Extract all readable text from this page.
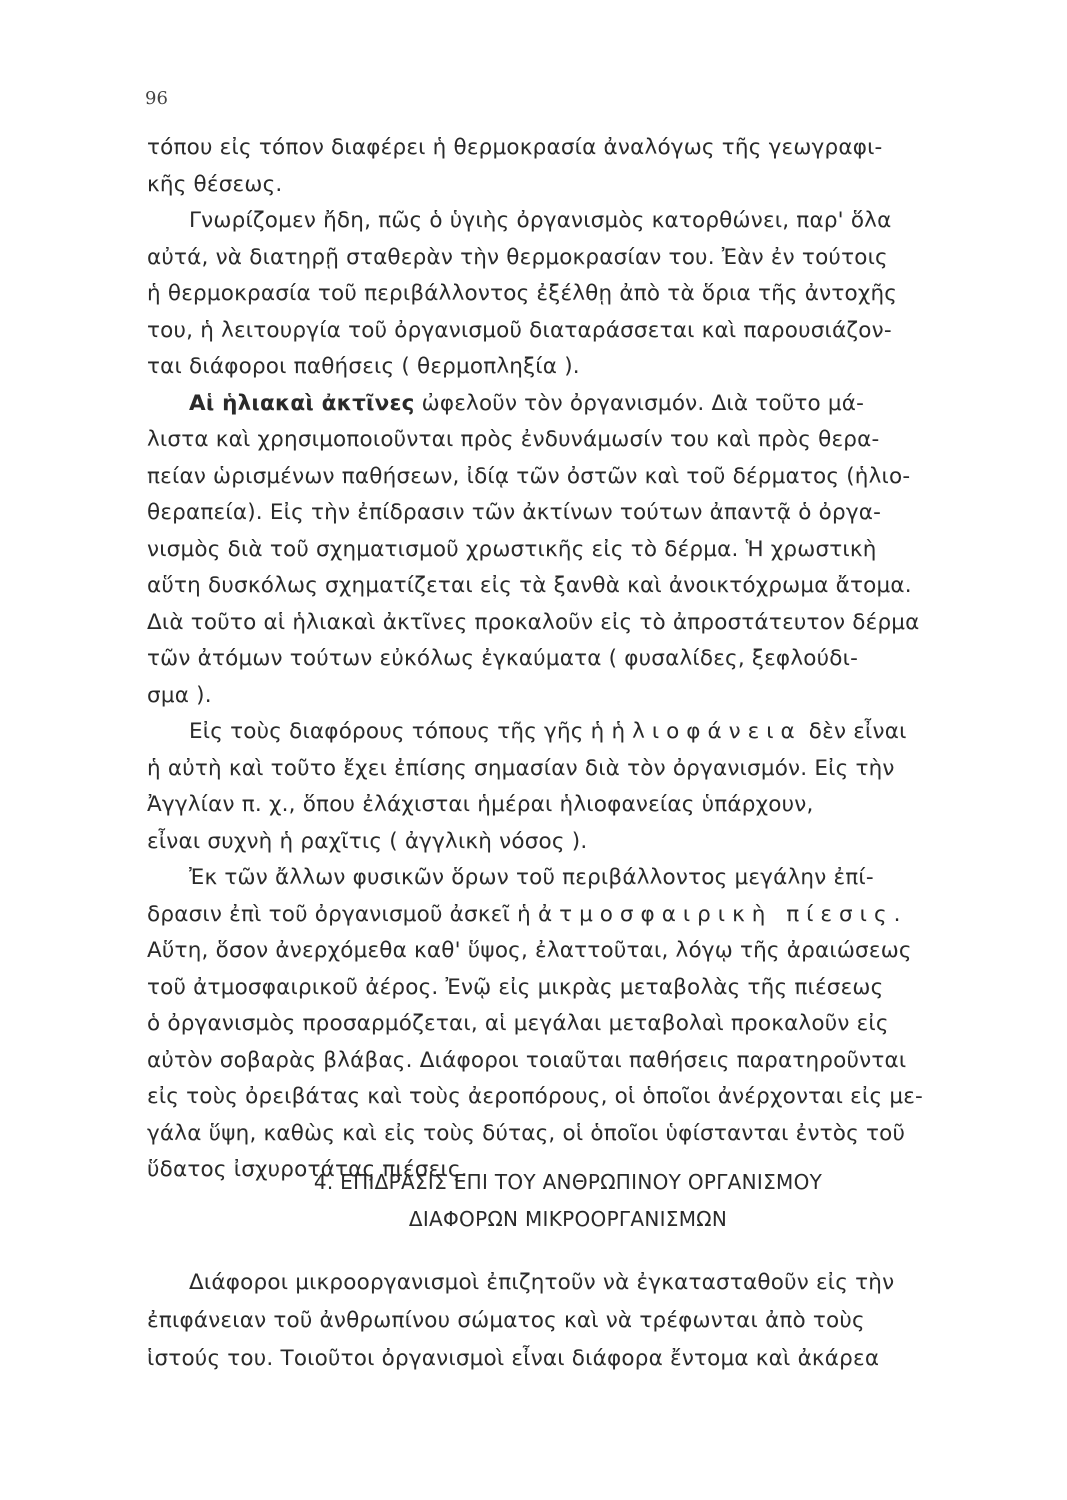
96
τόπου εἰς τόπον διαφέρει ἡ θερμοκρασία ἀναλόγως τῆς γεωγραφι-
κῆς θέσεως.
Γνωρίζομεν ἤδη, πῶς ὁ ὑγιὴς ὀργανισμὸς κατορθώνει, παρ' ὅλα
αὐτά, νὰ διατηρῇ σταθερὰν τὴν θερμοκρασίαν του. Ἐὰν ἐν τούτοις
ἡ θερμοκρασία τοῦ περιβάλλοντος ἐξέλθῃ ἀπὸ τὰ ὅρια τῆς ἀντοχῆς
του, ἡ λειτουργία τοῦ ὀργανισμοῦ διαταράσσεται καὶ παρουσιάζον-
ται διάφοροι παθήσεις ( θερμοπληξία ).
Αἱ ἡλιακαὶ ἀκτῖνες ὠφελοῦν τὸν ὀργανισμόν. Διὰ τοῦτο μά-
λιστα καὶ χρησιμοποιοῦνται πρὸς ἐνδυνάμωσίν του καὶ πρὸς θερα-
πείαν ὡρισμένων παθήσεων, ἰδίᾳ τῶν ὀστῶν καὶ τοῦ δέρματος (ἡλιο-
θεραπεία). Εἰς τὴν ἐπίδρασιν τῶν ἀκτίνων τούτων ἀπαντᾷ ὁ ὀργα-
νισμὸς διὰ τοῦ σχηματισμοῦ χρωστικῆς εἰς τὸ δέρμα. Ἡ χρωστικὴ
αὕτη δυσκόλως σχηματίζεται εἰς τὰ ξανθὰ καὶ ἀνοικτόχρωμα ἄτομα.
Διὰ τοῦτο αἱ ἡλιακαὶ ἀκτῖνες προκαλοῦν εἰς τὸ ἀπροστάτευτον δέρμα
τῶν ἀτόμων τούτων εὐκόλως ἐγκαύματα ( φυσαλίδες, ξεφλούδι-
σμα ).
Εἰς τοὺς διαφόρους τόπους τῆς γῆς ἡ ἡλιοφάνεια δὲν εἶναι
ἡ αὐτὴ καὶ τοῦτο ἔχει ἐπίσης σημασίαν διὰ τὸν ὀργανισμόν. Εἰς τὴν
Ἀγγλίαν π. χ., ὅπου ἐλάχισται ἡμέραι ἡλιοφανείας ὑπάρχουν,
εἶναι συχνὴ ἡ ραχῖτις ( ἀγγλικὴ νόσος ).
Ἐκ τῶν ἄλλων φυσικῶν ὅρων τοῦ περιβάλλοντος μεγάλην ἐπί-
δρασιν ἐπὶ τοῦ ὀργανισμοῦ ἀσκεῖ ἡ ἀτμοσφαιρικὴ πίεσις.
Αὕτη, ὅσον ἀνερχόμεθα καθ' ὕψος, ἐλαττοῦται, λόγῳ τῆς ἀραιώσεως
τοῦ ἀτμοσφαιρικοῦ ἀέρος. Ἐνῷ εἰς μικρὰς μεταβολὰς τῆς πιέσεως
ὁ ὀργανισμὸς προσαρμόζεται, αἱ μεγάλαι μεταβολαὶ προκαλοῦν εἰς
αὐτὸν σοβαρὰς βλάβας. Διάφοροι τοιαῦται παθήσεις παρατηροῦνται
εἰς τοὺς ὀρειβάτας καὶ τοὺς ἀεροπόρους, οἱ ὁποῖοι ἀνέρχονται εἰς με-
γάλα ὕψη, καθὼς καὶ εἰς τοὺς δύτας, οἱ ὁποῖοι ὑφίστανται ἐντὸς τοῦ
ὕδατος ἰσχυροτάτας πιέσεις.
4. ΕΠΙΔΡΑΣΙΣ ΕΠΙ ΤΟΥ ΑΝΘΡΩΠΙΝΟΥ ΟΡΓΑΝΙΣΜΟΥ
ΔΙΑΦΟΡΩΝ ΜΙΚΡΟΟΡΓΑΝΙΣΜΩΝ
Διάφοροι μικροοργανισμοὶ ἐπιζητοῦν νὰ ἐγκατασταθοῦν εἰς τὴν
ἐπιφάνειαν τοῦ ἀνθρωπίνου σώματος καὶ νὰ τρέφωνται ἀπὸ τοὺς
ἱστούς του. Τοιοῦτοι ὀργανισμοὶ εἶναι διάφορα ἔντομα καὶ ἀκάρεα
